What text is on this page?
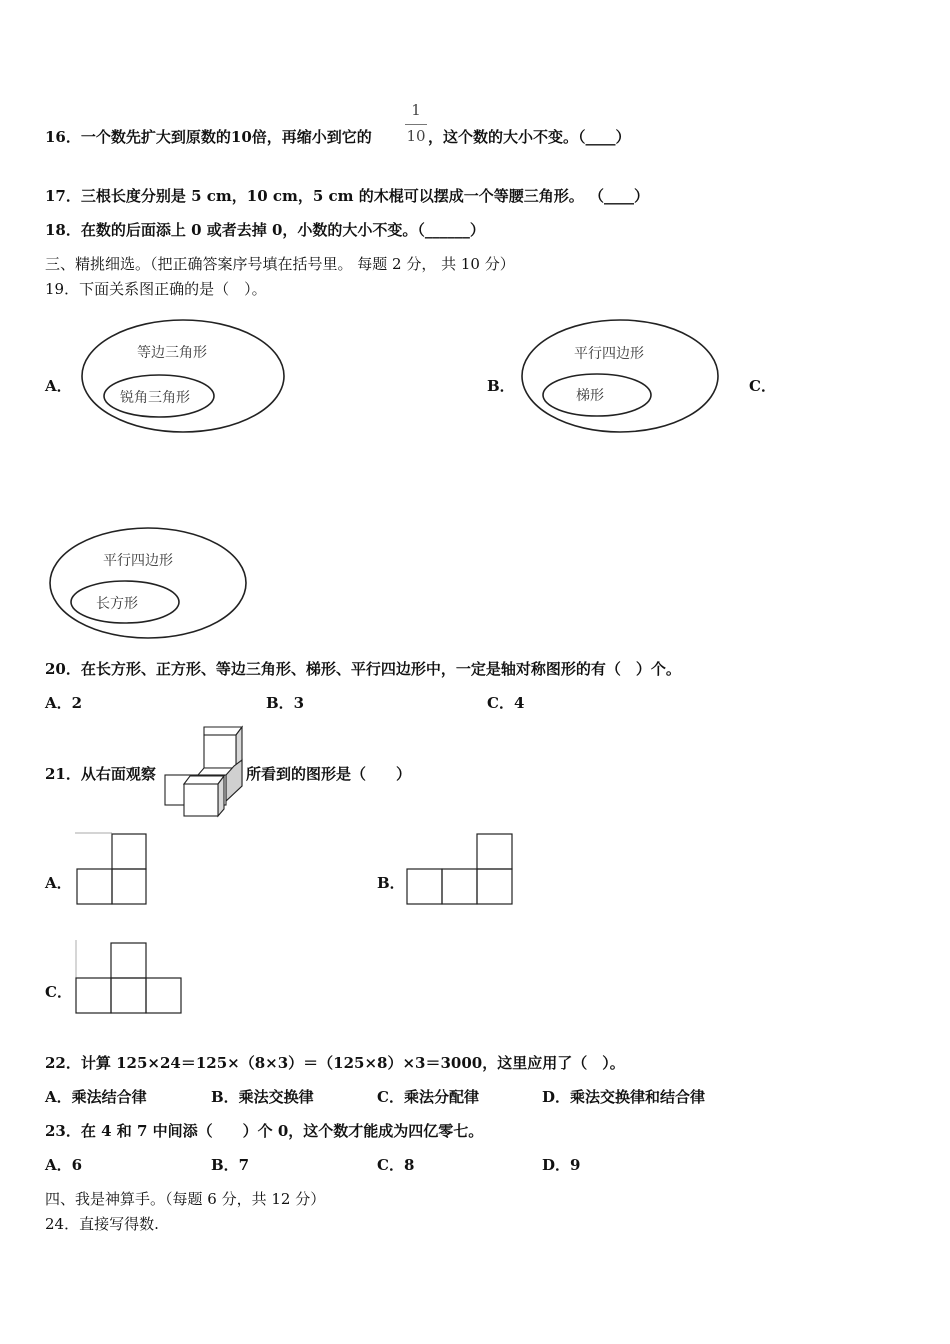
16．一个数先扩大到原数的10倍，再缩小到它的
1
10 ，这个数的大小不变。（____）
17．三根长度分别是 5 cm，10 cm，5 cm 的木棍可以摆成一个等腰三角形。 （____）
18．在数的后面添上 0 或者去掉 0，小数的大小不变。（______）
三、精挑细选。（把正确答案序号填在括号里。 每题 2 分， 共 10 分）
19．下面关系图正确的是（　）。
A．
等边三角形
锐角三角形
B．
平行四边形
梯形
C．
平行四边形
长方形
20．在长方形、正方形、等边三角形、梯形、平行四边形中，一定是轴对称图形的有（　）个。
A．2	B．3	C．4
21．从右面观察	所看到的图形是（　　）
A．	B．
C．
22．计算 125×24＝125×（8×3）＝（125×8）×3＝3000，这里应用了（　）。
A．乘法结合律	B．乘法交换律	C．乘法分配律	D．乘法交换律和结合律
23．在 4 和 7 中间添（　　）个 0，这个数才能成为四亿零七。
A．6	B．7	C．8	D．9
四、我是神算手。（每题 6 分，共 12 分）
24．直接写得数.
